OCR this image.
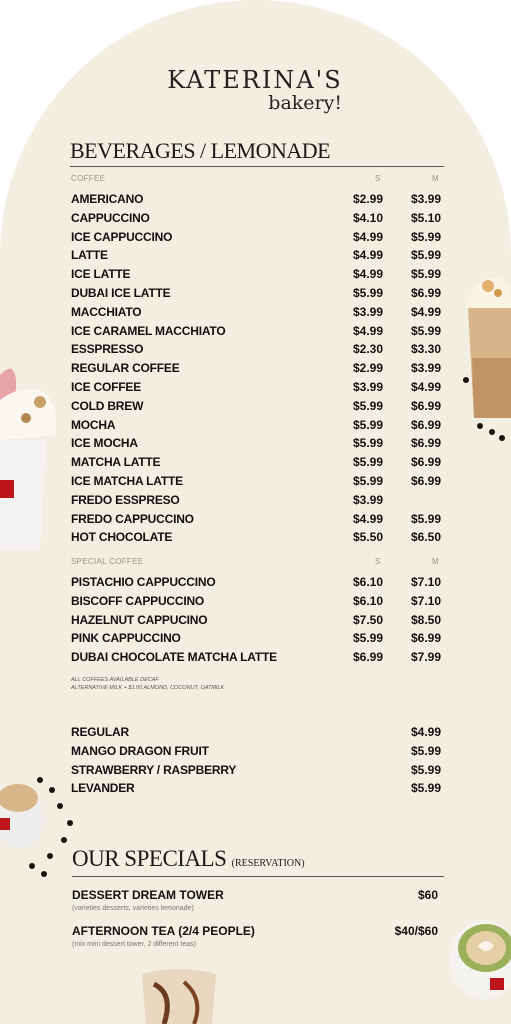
KATERINA'S
bakery!
BEVERAGES / LEMONADE
COFFEE	S	M
AMERICANO	$2.99 $3.99
CAPPUCCINO	$4.10 $5.10
ICE CAPPUCCINO	$4.99 $5.99
LATTE	$4.99 $5.99
ICE LATTE	$4.99 $5.99
DUBAI ICE LATTE	$5.99 $6.99
MACCHIATO	$3.99 $4.99
ICE CARAMEL MACCHIATO	$4.99 $5.99
ESSPRESSO	$2.30 $3.30
REGULAR COFFEE	$2.99 $3.99
ICE COFFEE	$3.99 $4.99
COLD BREW	$5.99 $6.99
MOCHA	$5.99 $6.99
ICE MOCHA	$5.99 $6.99
MATCHA LATTE	$5.99 $6.99
ICE MATCHA LATTE	$5.99 $6.99
FREDO ESSPRESO	$3.99
FREDO CAPPUCCINO	$4.99 $5.99
HOT CHOCOLATE	$5.50 $6.50
SPECIAL COFFEE	S	M
PISTACHIO CAPPUCCINO	$6.10 $7.10
BISCOFF CAPPUCCINO	$6.10 $7.10
HAZELNUT CAPPUCINO	$7.50 $8.50
PINK CAPPUCCINO	$5.99 $6.99
DUBAI CHOCOLATE MATCHA LATTE	$6.99 $7.99
ALL COFFEES AVAILABLE DECAF
ALTERNATIVE MILK + $1.00 ALMOND, COCONUT, OATMILK
REGULAR	$4.99
MANGO DRAGON FRUIT	$5.99
STRAWBERRY / RASPBERRY	$5.99
LEVANDER	$5.99
OUR SPECIALS (RESERVATION)
DESSERT DREAM TOWER	$60
(varieties desserts, varieties lemonade)
AFTERNOON TEA (2/4 PEOPLE)	$40/$60
(mix mini dessert tower, 2 different teas)
